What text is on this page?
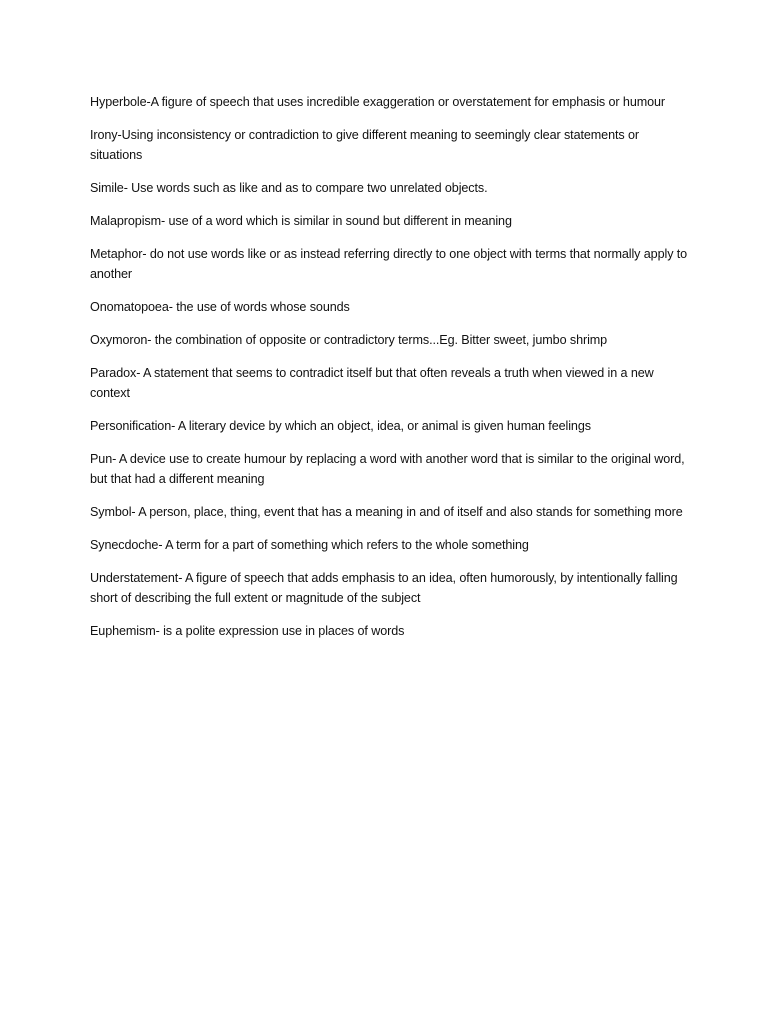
Hyperbole-A figure of speech that uses incredible exaggeration or overstatement for emphasis or humour

Irony-Using inconsistency or contradiction to give different meaning to seemingly clear statements or situations

Simile- Use words such as like and as to compare two unrelated objects.

Malapropism- use of a word which is similar in sound but different in meaning

Metaphor- do not use words like or as instead referring directly to one object with terms that normally apply to another

Onomatopoea- the use of words whose sounds

Oxymoron- the combination of opposite or contradictory terms...Eg. Bitter sweet, jumbo shrimp

Paradox- A statement that seems to contradict itself but that often reveals a truth when viewed in a new context

Personification- A literary device by which an object, idea, or animal is given human feelings

Pun- A device use to create humour by replacing a word with another word that is similar to the original word, but that had a different meaning

Symbol- A person, place, thing, event that has a meaning in and of itself and also stands for something more

Synecdoche- A term for a part of something which refers to the whole something

Understatement- A figure of speech that adds emphasis to an idea, often humorously, by intentionally falling short of describing the full extent or magnitude of the subject

Euphemism- is a polite expression use in places of words
